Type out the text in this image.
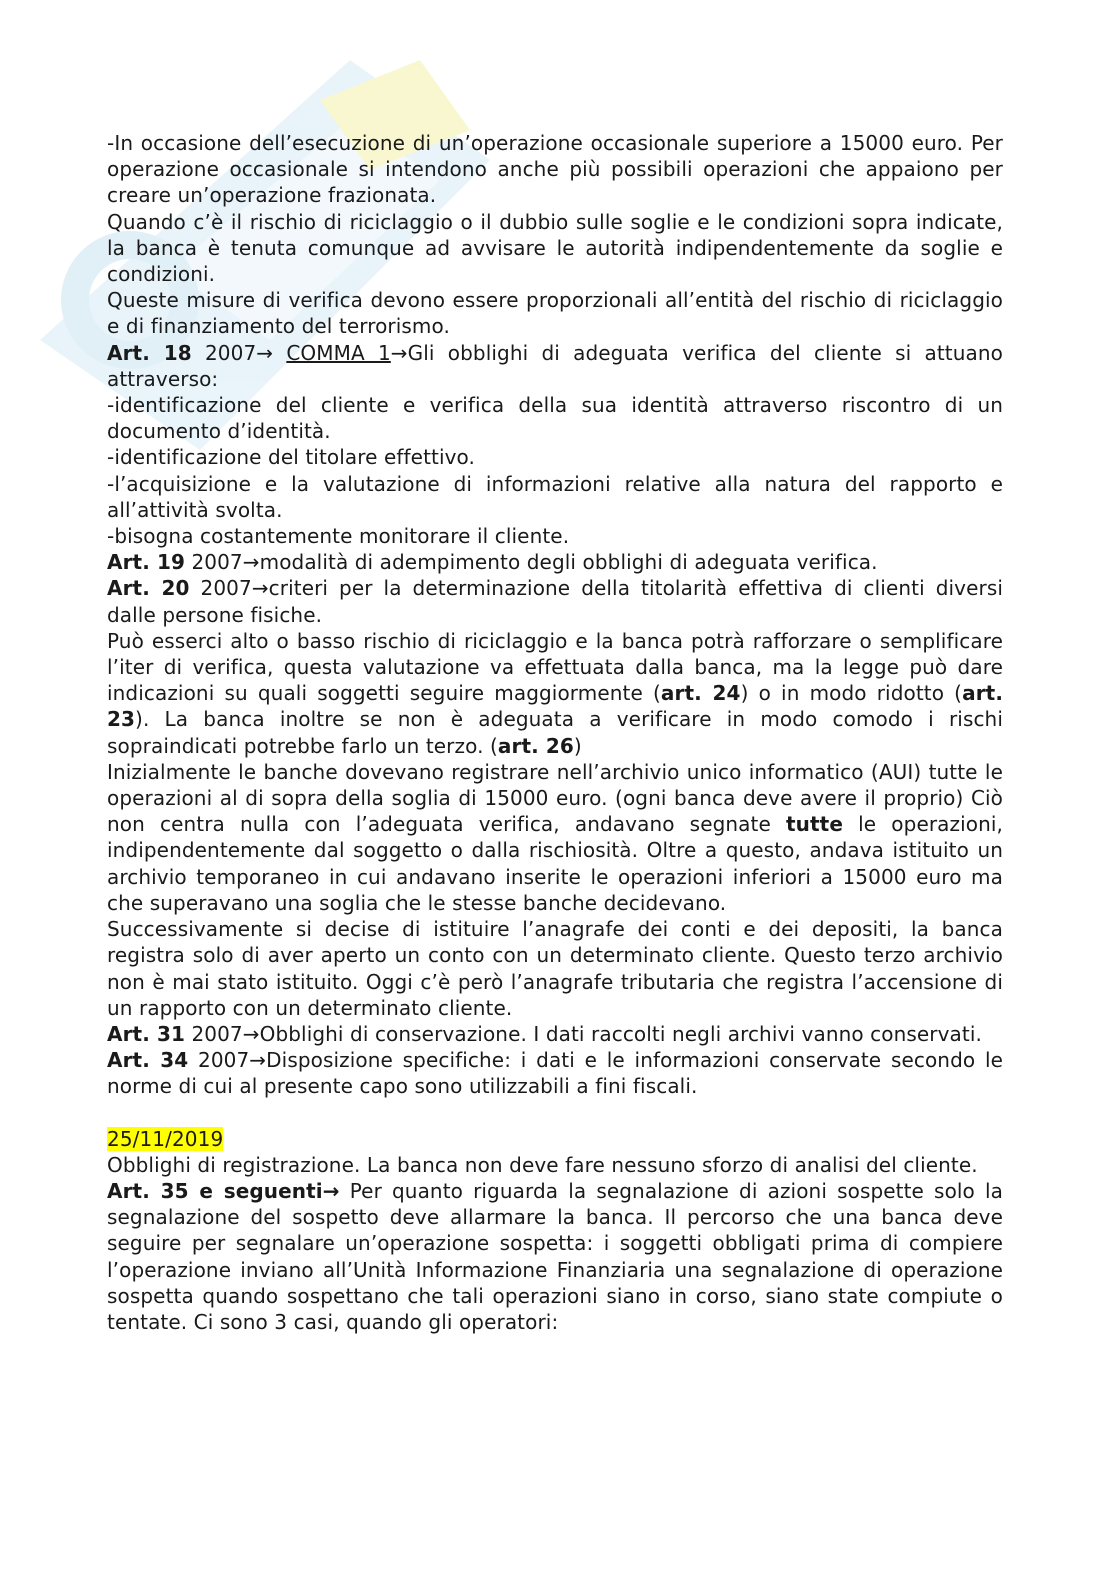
-In occasione dell’esecuzione di un’operazione occasionale superiore a 15000 euro. Per operazione occasionale si intendono anche più possibili operazioni che appaiono per creare un’operazione frazionata.

Quando c’è il rischio di riciclaggio o il dubbio sulle soglie e le condizioni sopra indicate, la banca è tenuta comunque ad avvisare le autorità indipendentemente da soglie e condizioni.

Queste misure di verifica devono essere proporzionali all’entità del rischio di riciclaggio e di finanziamento del terrorismo.

Art. 18 2007→ COMMA 1→Gli obblighi di adeguata verifica del cliente si attuano attraverso:

-identificazione del cliente e verifica della sua identità attraverso riscontro di un documento d’identità.

-identificazione del titolare effettivo.

-l’acquisizione e la valutazione di informazioni relative alla natura del rapporto e all’attività svolta.

-bisogna costantemente monitorare il cliente.

Art. 19 2007→modalità di adempimento degli obblighi di adeguata verifica.

Art. 20 2007→criteri per la determinazione della titolarità effettiva di clienti diversi dalle persone fisiche.

Può esserci alto o basso rischio di riciclaggio e la banca potrà rafforzare o semplificare l’iter di verifica, questa valutazione va effettuata dalla banca, ma la legge può dare indicazioni su quali soggetti seguire maggiormente (art. 24) o in modo ridotto (art. 23). La banca inoltre se non è adeguata a verificare in modo comodo i rischi sopraindicati potrebbe farlo un terzo. (art. 26)

Inizialmente le banche dovevano registrare nell’archivio unico informatico (AUI) tutte le operazioni al di sopra della soglia di 15000 euro. (ogni banca deve avere il proprio) Ciò non centra nulla con l’adeguata verifica, andavano segnate tutte le operazioni, indipendentemente dal soggetto o dalla rischiosità. Oltre a questo, andava istituito un archivio temporaneo in cui andavano inserite le operazioni inferiori a 15000 euro ma che superavano una soglia che le stesse banche decidevano.

Successivamente si decise di istituire l’anagrafe dei conti e dei depositi, la banca registra solo di aver aperto un conto con un determinato cliente. Questo terzo archivio non è mai stato istituito. Oggi c’è però l’anagrafe tributaria che registra l’accensione di un rapporto con un determinato cliente.

Art. 31 2007→Obblighi di conservazione. I dati raccolti negli archivi vanno conservati.

Art. 34 2007→Disposizione specifiche: i dati e le informazioni conservate secondo le norme di cui al presente capo sono utilizzabili a fini fiscali.

25/11/2019

Obblighi di registrazione. La banca non deve fare nessuno sforzo di analisi del cliente.

Art. 35 e seguenti→ Per quanto riguarda la segnalazione di azioni sospette solo la segnalazione del sospetto deve allarmare la banca. Il percorso che una banca deve seguire per segnalare un’operazione sospetta: i soggetti obbligati prima di compiere l’operazione inviano all’Unità Informazione Finanziaria una segnalazione di operazione sospetta quando sospettano che tali operazioni siano in corso, siano state compiute o tentate. Ci sono 3 casi, quando gli operatori:
